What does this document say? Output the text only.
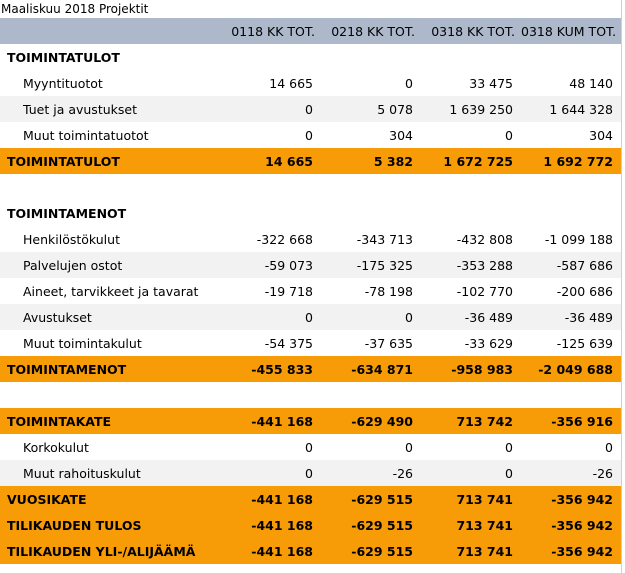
Maaliskuu 2018 Projektit
	0118 KK TOT.	0218 KK TOT.	0318 KK TOT.	0318 KUM TOT.
TOIMINTATULOT				
Myyntituotot	14 665	0	33 475	48 140
Tuet ja avustukset	0	5 078	1 639 250	1 644 328
Muut toimintatuotot	0	304	0	304
TOIMINTATULOT	14 665	5 382	1 672 725	1 692 772

TOIMINTAMENOT				
Henkilöstökulut	-322 668	-343 713	-432 808	-1 099 188
Palvelujen ostot	-59 073	-175 325	-353 288	-587 686
Aineet, tarvikkeet ja tavarat	-19 718	-78 198	-102 770	-200 686
Avustukset	0	0	-36 489	-36 489
Muut toimintakulut	-54 375	-37 635	-33 629	-125 639
TOIMINTAMENOT	-455 833	-634 871	-958 983	-2 049 688

TOIMINTAKATE	-441 168	-629 490	713 742	-356 916
Korkokulut	0	0	0	0
Muut rahoituskulut	0	-26	0	-26
VUOSIKATE	-441 168	-629 515	713 741	-356 942
TILIKAUDEN TULOS	-441 168	-629 515	713 741	-356 942
TILIKAUDEN YLI-/ALIJÄÄMÄ	-441 168	-629 515	713 741	-356 942
